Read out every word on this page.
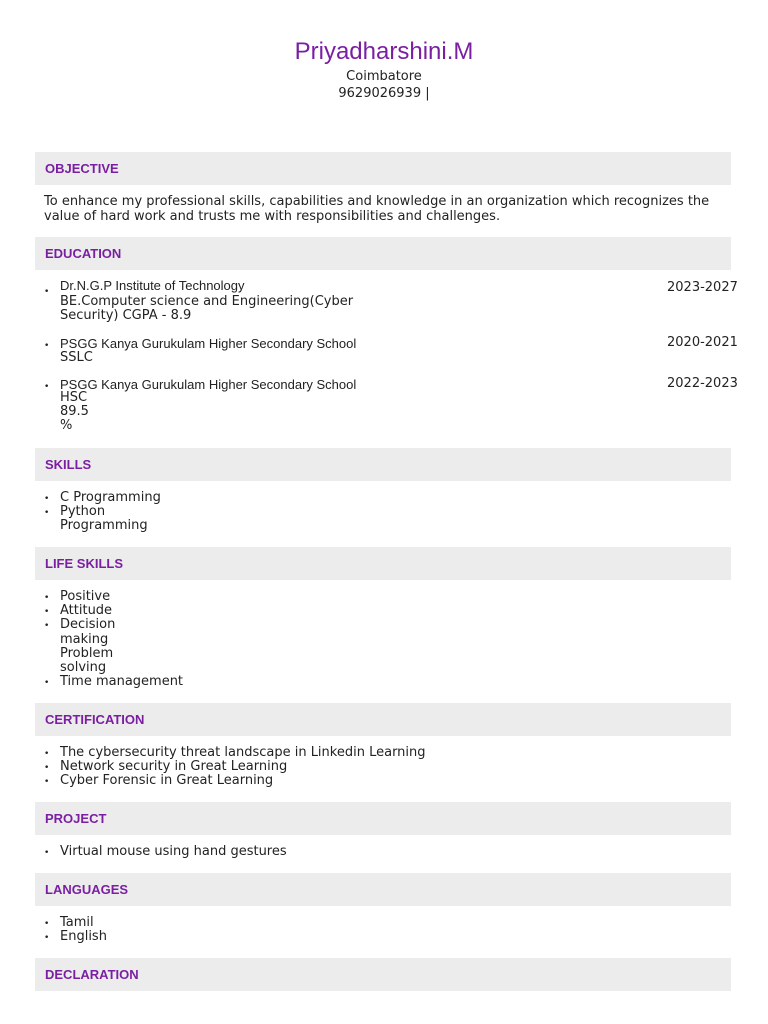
Priyadharshini.M
Coimbatore
9629026939 |
OBJECTIVE
To enhance my professional skills, capabilities and knowledge in an organization which recognizes the value of hard work and trusts me with responsibilities and challenges.
EDUCATION
• Dr.N.G.P Institute of Technology
BE.Computer science and Engineering(Cyber
Security) CGPA - 8.9
2023-2027
• PSGG Kanya Gurukulam Higher Secondary School
SSLC
2020-2021
• PSGG Kanya Gurukulam Higher Secondary School
HSC
89.5
%
2022-2023
SKILLS
• C Programming
• Python
Programming
LIFE SKILLS
• Positive
• Attitude
• Decision
making
Problem
solving
• Time management
CERTIFICATION
• The cybersecurity threat landscape in Linkedin Learning
• Network security in Great Learning
• Cyber Forensic in Great Learning
PROJECT
• Virtual mouse using hand gestures
LANGUAGES
• Tamil
• English
DECLARATION
